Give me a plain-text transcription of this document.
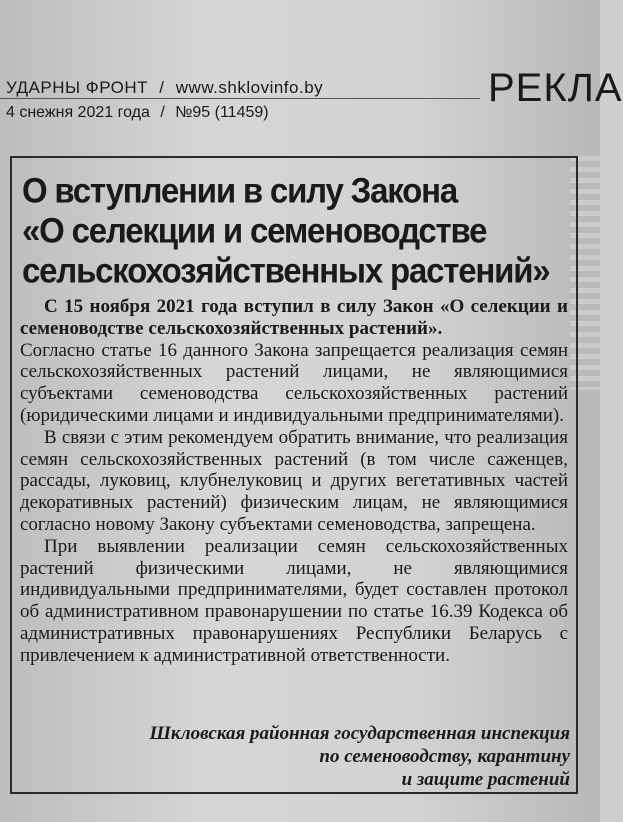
УДАРНЫ ФРОНТ / www.shklovinfo.by
4 снежня 2021 года / №95 (11459)
РЕКЛА
О вступлении в силу Закона
«О селекции и семеноводстве
сельскохозяйственных растений»

С 15 ноября 2021 года вступил в силу Закон «О селекции и семеноводстве сельскохозяйственных растений».

Согласно статье 16 данного Закона запрещается реализация семян сельскохозяйственных растений лицами, не являющимися субъектами семеноводства сельскохозяйственных растений (юридическими лицами и индивидуальными предпринимателями).

В связи с этим рекомендуем обратить внимание, что реализация семян сельскохозяйственных растений (в том числе саженцев, рассады, луковиц, клубнелуковиц и других вегетативных частей декоративных растений) физическим лицам, не являющимися согласно новому Закону субъектами семеноводства, запрещена.

При выявлении реализации семян сельскохозяйственных растений физическими лицами, не являющимися индивидуальными предпринимателями, будет составлен протокол об административном правонарушении по статье 16.39 Кодекса об административных правонарушениях Республики Беларусь с привлечением к административной ответственности.

Шкловская районная государственная инспекция
по семеноводству, карантину
и защите растений
